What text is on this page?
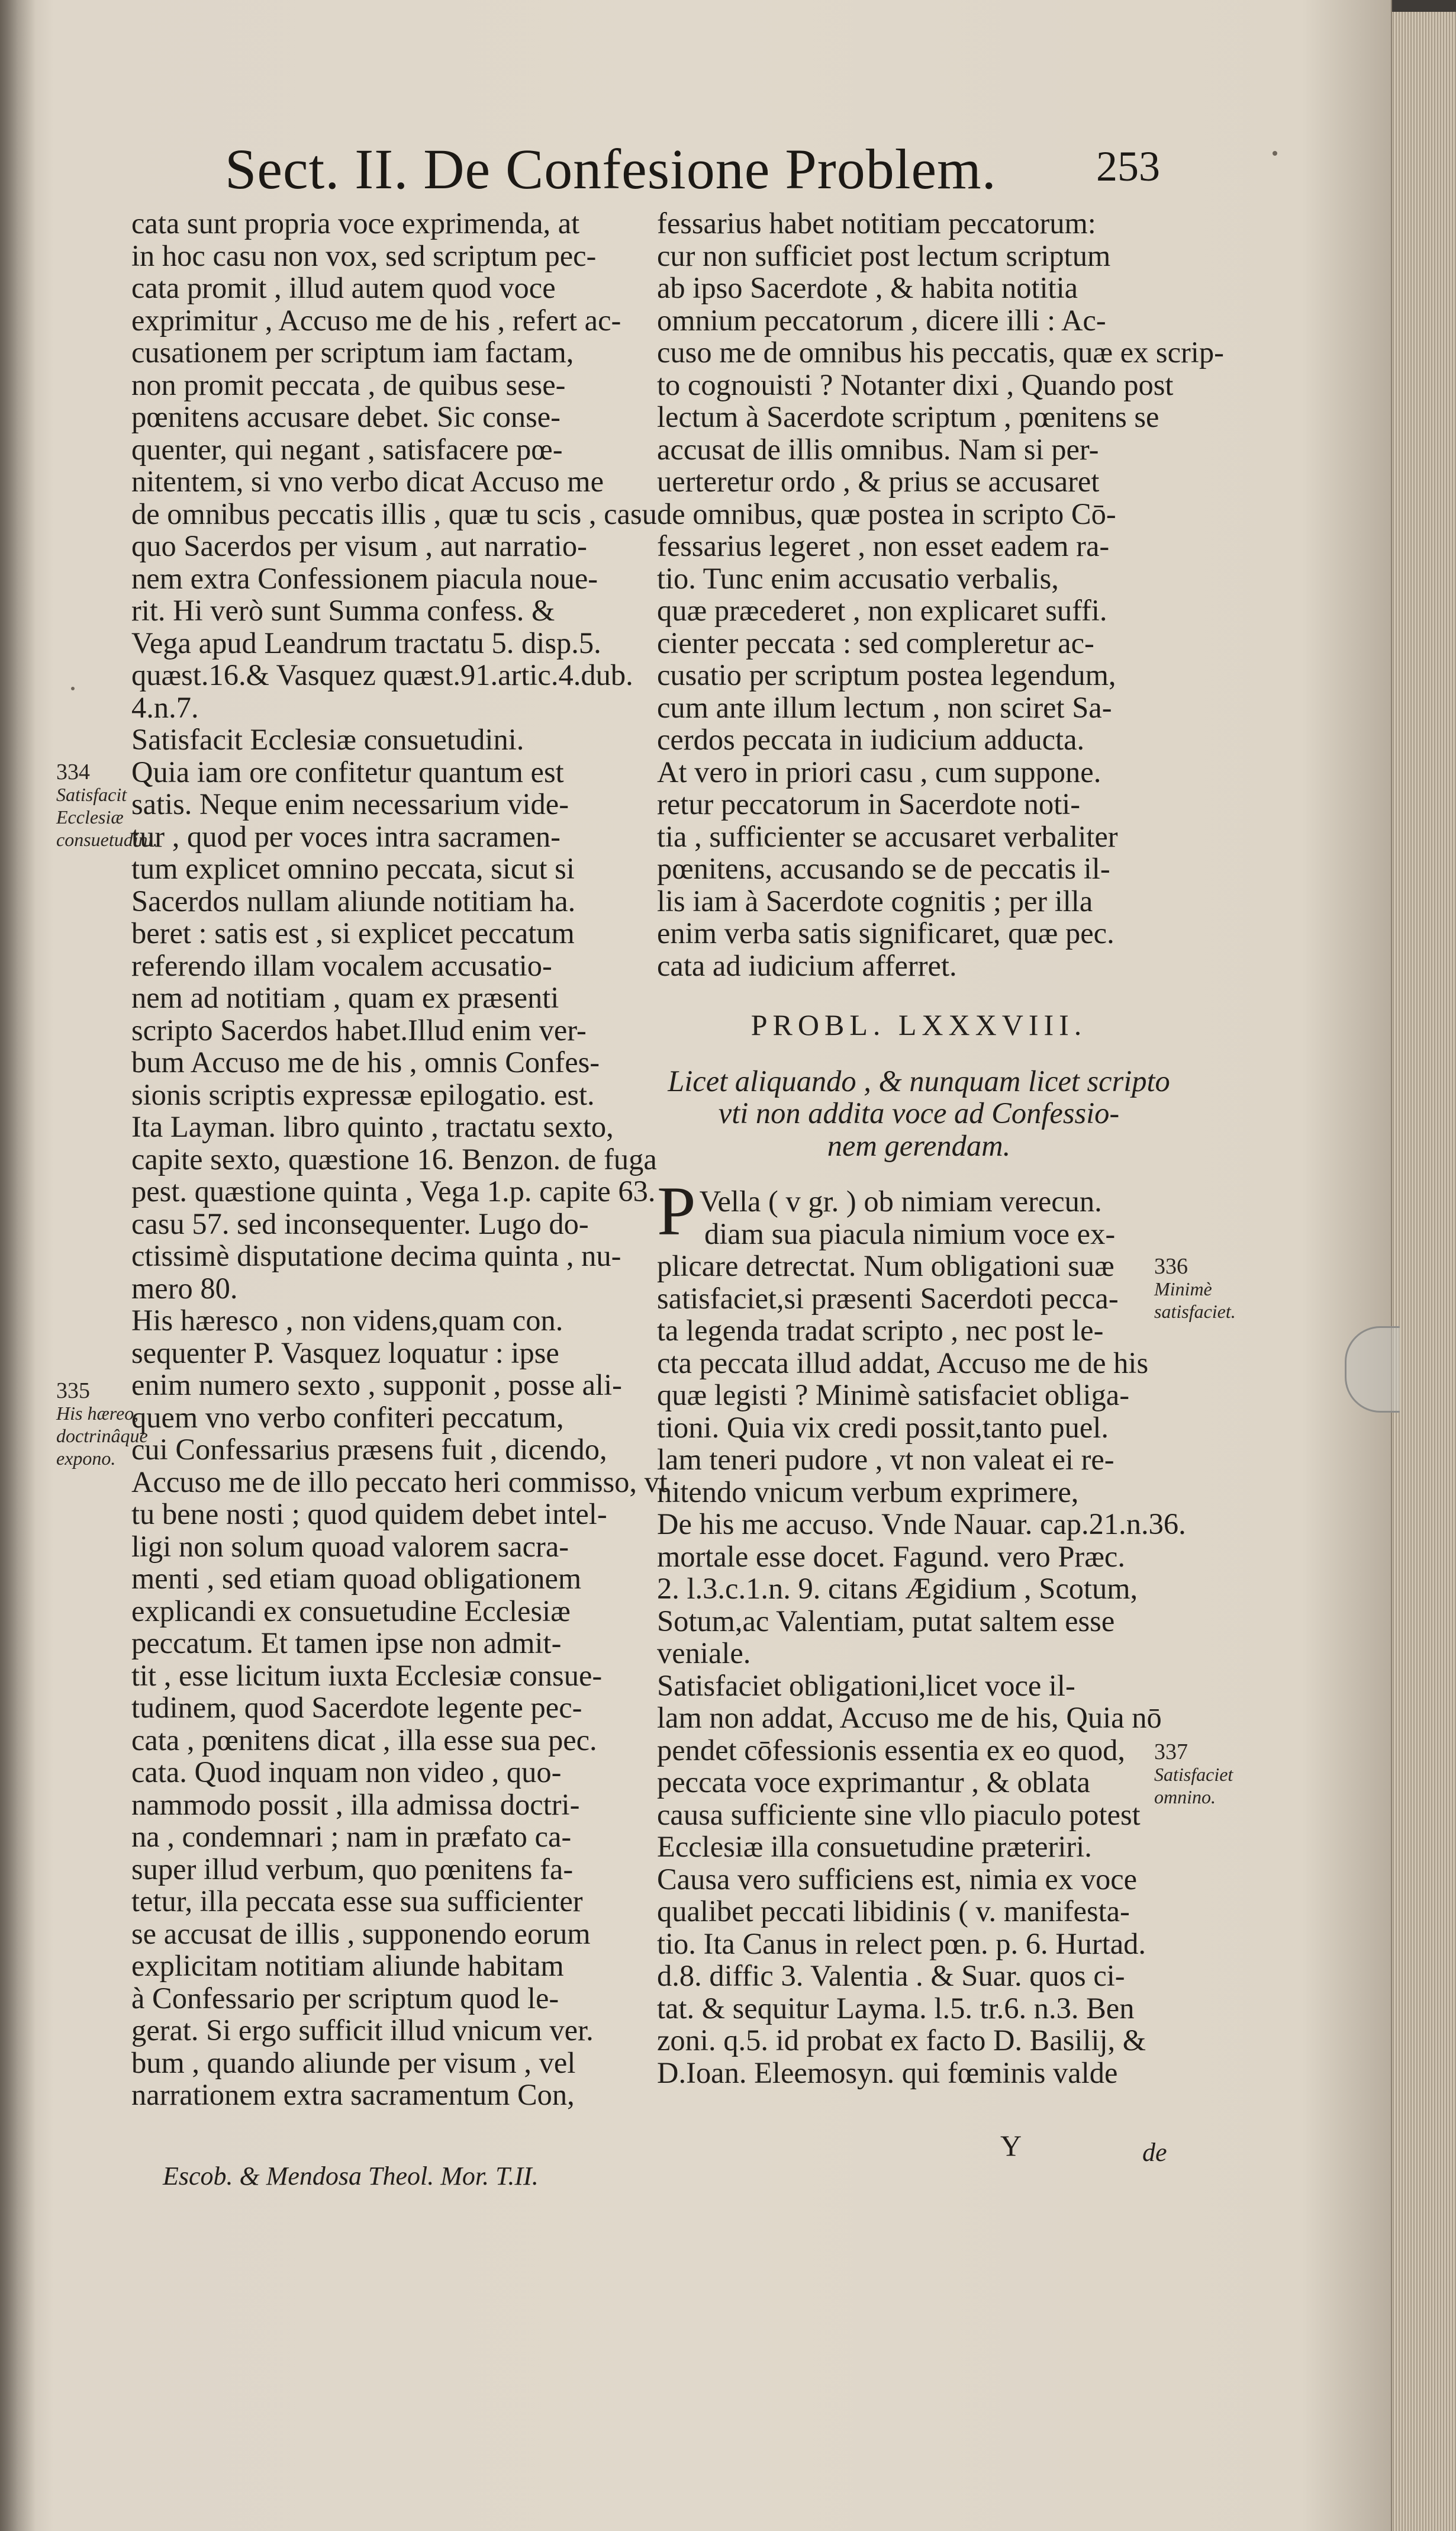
Sect. II. De Confesione Problem. 253
cata sunt propria voce exprimenda, at
in hoc casu non vox, sed scriptum pec-
cata promit , illud autem quod voce
exprimitur , Accuso me de his , refert ac-
cusationem per scriptum iam factam,
non promit peccata , de quibus sese-
pœnitens accusare debet. Sic conse-
quenter, qui negant , satisfacere pœ-
nitentem, si vno verbo dicat Accuso me
de omnibus peccatis illis , quæ tu scis , casu
quo Sacerdos per visum , aut narratio-
nem extra Confessionem piacula noue-
rit. Hi verò sunt Summa confess. &
Vega apud Leandrum tractatu 5. disp.5.
quæst.16.& Vasquez quæst.91.artic.4.dub.
4.n.7.
Satisfacit Ecclesiæ consuetudini.
Quia iam ore confitetur quantum est
satis. Neque enim necessarium vide-
tur , quod per voces intra sacramen-
tum explicet omnino peccata, sicut si
Sacerdos nullam aliunde notitiam ha.
beret : satis est , si explicet peccatum
referendo illam vocalem accusatio-
nem ad notitiam , quam ex præsenti
scripto Sacerdos habet.Illud enim ver-
bum Accuso me de his , omnis Confes-
sionis scriptis expressæ epilogatio. est.
Ita Layman. libro quinto , tractatu sexto,
capite sexto, quæstione 16. Benzon. de fuga
pest. quæstione quinta , Vega 1.p. capite 63.
casu 57. sed inconsequenter. Lugo do-
ctissimè disputatione decima quinta , nu-
mero 80.
His hæresco , non videns,quam con.
sequenter P. Vasquez loquatur : ipse
enim numero sexto , supponit , posse ali-
quem vno verbo confiteri peccatum,
cui Confessarius præsens fuit , dicendo,
Accuso me de illo peccato heri commisso, vt
tu bene nosti ; quod quidem debet intel-
ligi non solum quoad valorem sacra-
menti , sed etiam quoad obligationem
explicandi ex consuetudine Ecclesiæ
peccatum. Et tamen ipse non admit-
tit , esse licitum iuxta Ecclesiæ consue-
tudinem, quod Sacerdote legente pec-
cata , pœnitens dicat , illa esse sua pec.
cata. Quod inquam non video , quo-
nammodo possit , illa admissa doctri-
na , condemnari ; nam in præfato ca-
super illud verbum, quo pœnitens fa-
tetur, illa peccata esse sua sufficienter
se accusat de illis , supponendo eorum
explicitam notitiam aliunde habitam
à Confessario per scriptum quod le-
gerat. Si ergo sufficit illud vnicum ver.
bum , quando aliunde per visum , vel
narrationem extra sacramentum Con,
fessarius habet notitiam peccatorum:
cur non sufficiet post lectum scriptum
ab ipso Sacerdote , & habita notitia
omnium peccatorum , dicere illi : Ac-
cuso me de omnibus his peccatis, quæ ex scrip-
to cognouisti ? Notanter dixi , Quando post
lectum à Sacerdote scriptum , pœnitens se
accusat de illis omnibus. Nam si per-
uerteretur ordo , & prius se accusaret
de omnibus, quæ postea in scripto Cō-
fessarius legeret , non esset eadem ra-
tio. Tunc enim accusatio verbalis,
quæ præcederet , non explicaret suffi.
cienter peccata : sed compleretur ac-
cusatio per scriptum postea legendum,
cum ante illum lectum , non sciret Sa-
cerdos peccata in iudicium adducta.
At vero in priori casu , cum suppone.
retur peccatorum in Sacerdote noti-
tia , sufficienter se accusaret verbaliter
pœnitens, accusando se de peccatis il-
lis iam à Sacerdote cognitis ; per illa
enim verba satis significaret, quæ pec.
cata ad iudicium afferret.
PROBL. LXXXVIII.
Licet aliquando , & nunquam licet scripto
vti non addita voce ad Confessio-
nem gerendam.
P Vella ( v gr. ) ob nimiam verecun.
diam sua piacula nimium voce ex-
plicare detrectat. Num obligationi suæ
satisfaciet,si præsenti Sacerdoti pecca-
ta legenda tradat scripto , nec post le-
cta peccata illud addat, Accuso me de his
quæ legisti ? Minimè satisfaciet obliga-
tioni. Quia vix credi possit,tanto puel.
lam teneri pudore , vt non valeat ei re-
nitendo vnicum verbum exprimere,
De his me accuso. Vnde Nauar. cap.21.n.36.
mortale esse docet. Fagund. vero Præc.
2. l.3.c.1.n. 9. citans Ægidium , Scotum,
Sotum,ac Valentiam, putat saltem esse
veniale.
Satisfaciet obligationi,licet voce il-
lam non addat, Accuso me de his, Quia nō
pendet cōfessionis essentia ex eo quod,
peccata voce exprimantur , & oblata
causa sufficiente sine vllo piaculo potest
Ecclesiæ illa consuetudine præteriri.
Causa vero sufficiens est, nimia ex voce
qualibet peccati libidinis ( v. manifesta-
tio. Ita Canus in relect pœn. p. 6. Hurtad.
d.8. diffic 3. Valentia . & Suar. quos ci-
tat. & sequitur Layma. l.5. tr.6. n.3. Ben
zoni. q.5. id probat ex facto D. Basilij, &
D.Ioan. Eleemosyn. qui fœminis valde
334
Satisfacit Ecclesiæ consuetudini.
335
His hæreo, doctrinâque expono.
336
Minimè satisfaciet.
337
Satisfaciet omnino.
Y	de
Escob. & Mendosa Theol. Mor. T.II.
